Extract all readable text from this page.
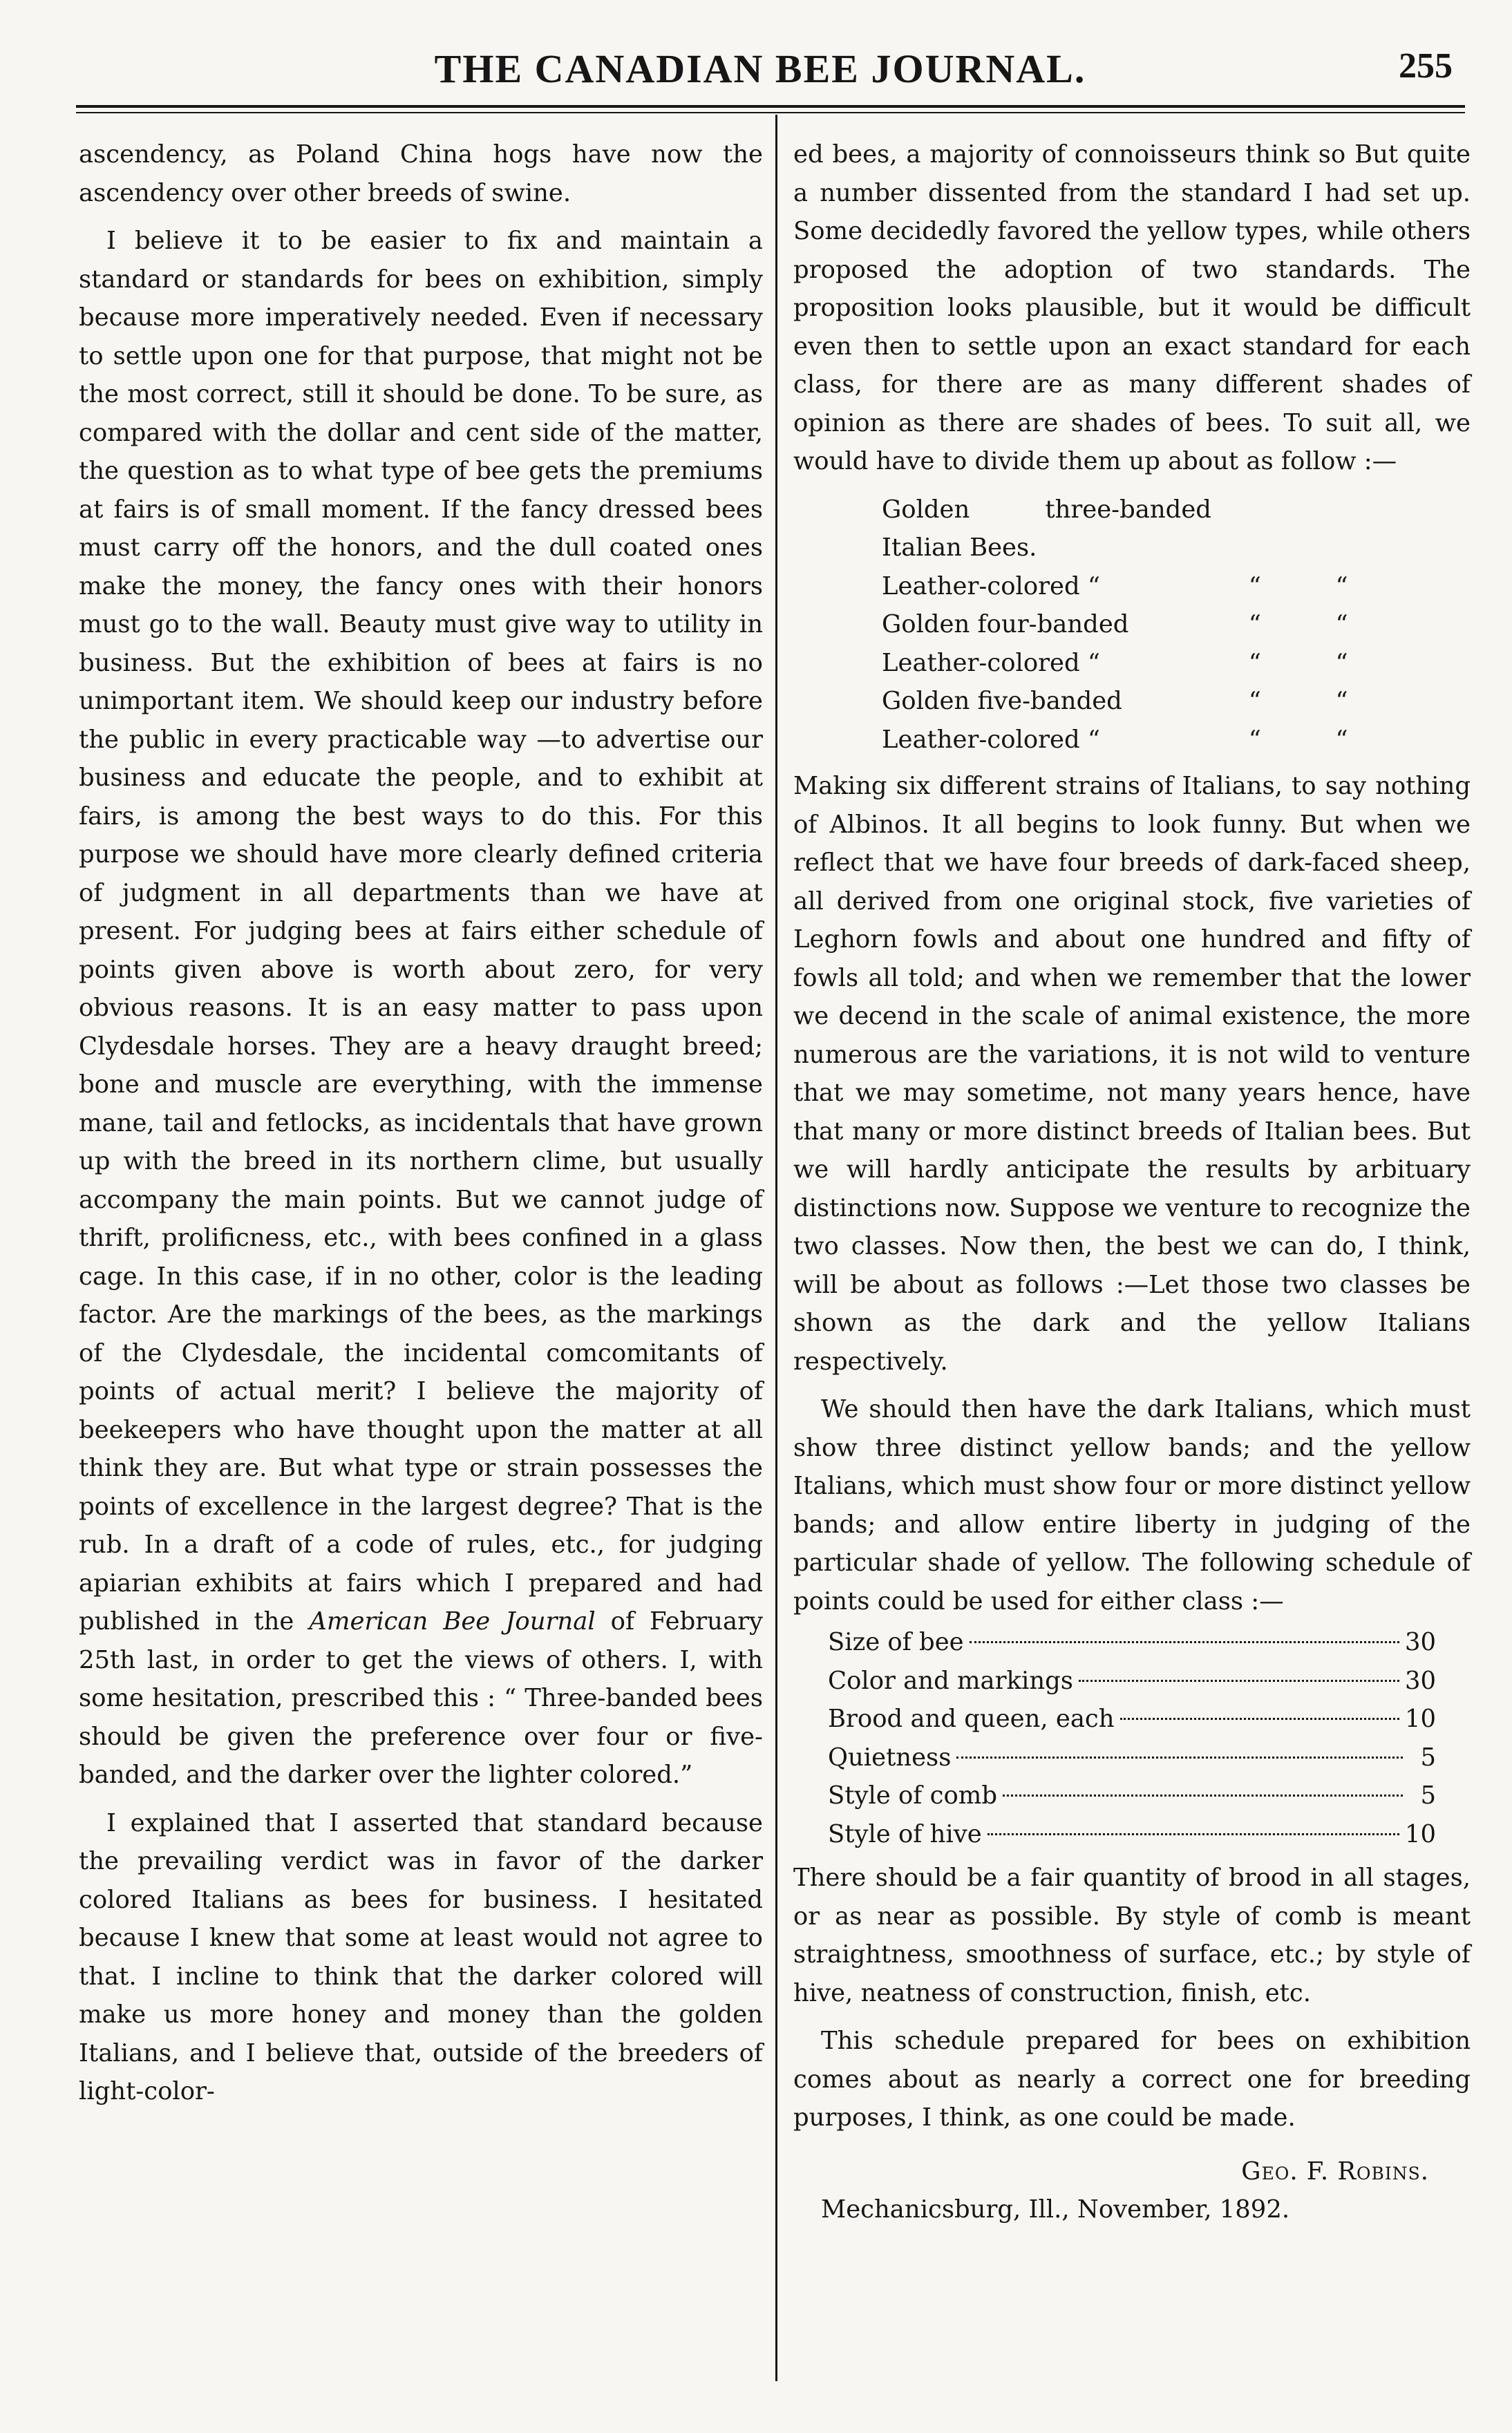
THE CANADIAN BEE JOURNAL.	255

ascendency, as Poland China hogs have now the ascendency over other breeds of swine.

I believe it to be easier to fix and maintain a standard or standards for bees on exhibition, simply because more imperatively needed. Even if necessary to settle upon one for that purpose, that might not be the most correct, still it should be done. To be sure, as compared with the dollar and cent side of the matter, the question as to what type of bee gets the premiums at fairs is of small moment. If the fancy dressed bees must carry off the honors, and the dull coated ones make the money, the fancy ones with their honors must go to the wall. Beauty must give way to utility in business. But the exhibition of bees at fairs is no unimportant item. We should keep our industry before the public in every practicable way —to advertise our business and educate the people, and to exhibit at fairs, is among the best ways to do this. For this purpose we should have more clearly defined criteria of judgment in all departments than we have at present. For judging bees at fairs either schedule of points given above is worth about zero, for very obvious reasons. It is an easy matter to pass upon Clydesdale horses. They are a heavy draught breed; bone and muscle are everything, with the immense mane, tail and fetlocks, as incidentals that have grown up with the breed in its northern clime, but usually accompany the main points. But we cannot judge of thrift, prolificness, etc., with bees confined in a glass cage. In this case, if in no other, color is the leading factor. Are the markings of the bees, as the markings of the Clydesdale, the incidental comcomitants of points of actual merit? I believe the majority of beekeepers who have thought upon the matter at all think they are. But what type or strain possesses the points of excellence in the largest degree? That is the rub. In a draft of a code of rules, etc., for judging apiarian exhibits at fairs which I prepared and had published in the American Bee Journal of February 25th last, in order to get the views of others. I, with some hesitation, prescribed this : “ Three-banded bees should be given the preference over four or five-banded, and the darker over the lighter colored.”

I explained that I asserted that standard because the prevailing verdict was in favor of the darker colored Italians as bees for business. I hesitated because I knew that some at least would not agree to that. I incline to think that the darker colored will make us more honey and money than the golden Italians, and I believe that, outside of the breeders of light-color-

ed bees, a majority of connoisseurs think so But quite a number dissented from the standard I had set up. Some decidedly favored the yellow types, while others proposed the adoption of two standards. The proposition looks plausible, but it would be difficult even then to settle upon an exact standard for each class, for there are as many different shades of opinion as there are shades of bees. To suit all, we would have to divide them up about as follow :—

Golden three-banded Italian Bees.			
Leather-colored “	“	“	
Golden four-banded	“	“	
Leather-colored “	“	“	
Golden five-banded	“	“	
Leather-colored “	“	“	

Making six different strains of Italians, to say nothing of Albinos. It all begins to look funny. But when we reflect that we have four breeds of dark-faced sheep, all derived from one original stock, five varieties of Leghorn fowls and about one hundred and fifty of fowls all told; and when we remember that the lower we decend in the scale of animal existence, the more numerous are the variations, it is not wild to venture that we may sometime, not many years hence, have that many or more distinct breeds of Italian bees. But we will hardly anticipate the results by arbituary distinctions now. Suppose we venture to recognize the two classes. Now then, the best we can do, I think, will be about as follows :—Let those two classes be shown as the dark and the yellow Italians respectively.

We should then have the dark Italians, which must show three distinct yellow bands; and the yellow Italians, which must show four or more distinct yellow bands; and allow entire liberty in judging of the particular shade of yellow. The following schedule of points could be used for either class :—

Size of bee	30
Color and markings	30
Brood and queen, each	10
Quietness	5
Style of comb	5
Style of hive	10

There should be a fair quantity of brood in all stages, or as near as possible. By style of comb is meant straightness, smoothness of surface, etc.; by style of hive, neatness of construction, finish, etc.

This schedule prepared for bees on exhibition comes about as nearly a correct one for breeding purposes, I think, as one could be made.

Geo. F. Robins.
Mechanicsburg, Ill., November, 1892.
